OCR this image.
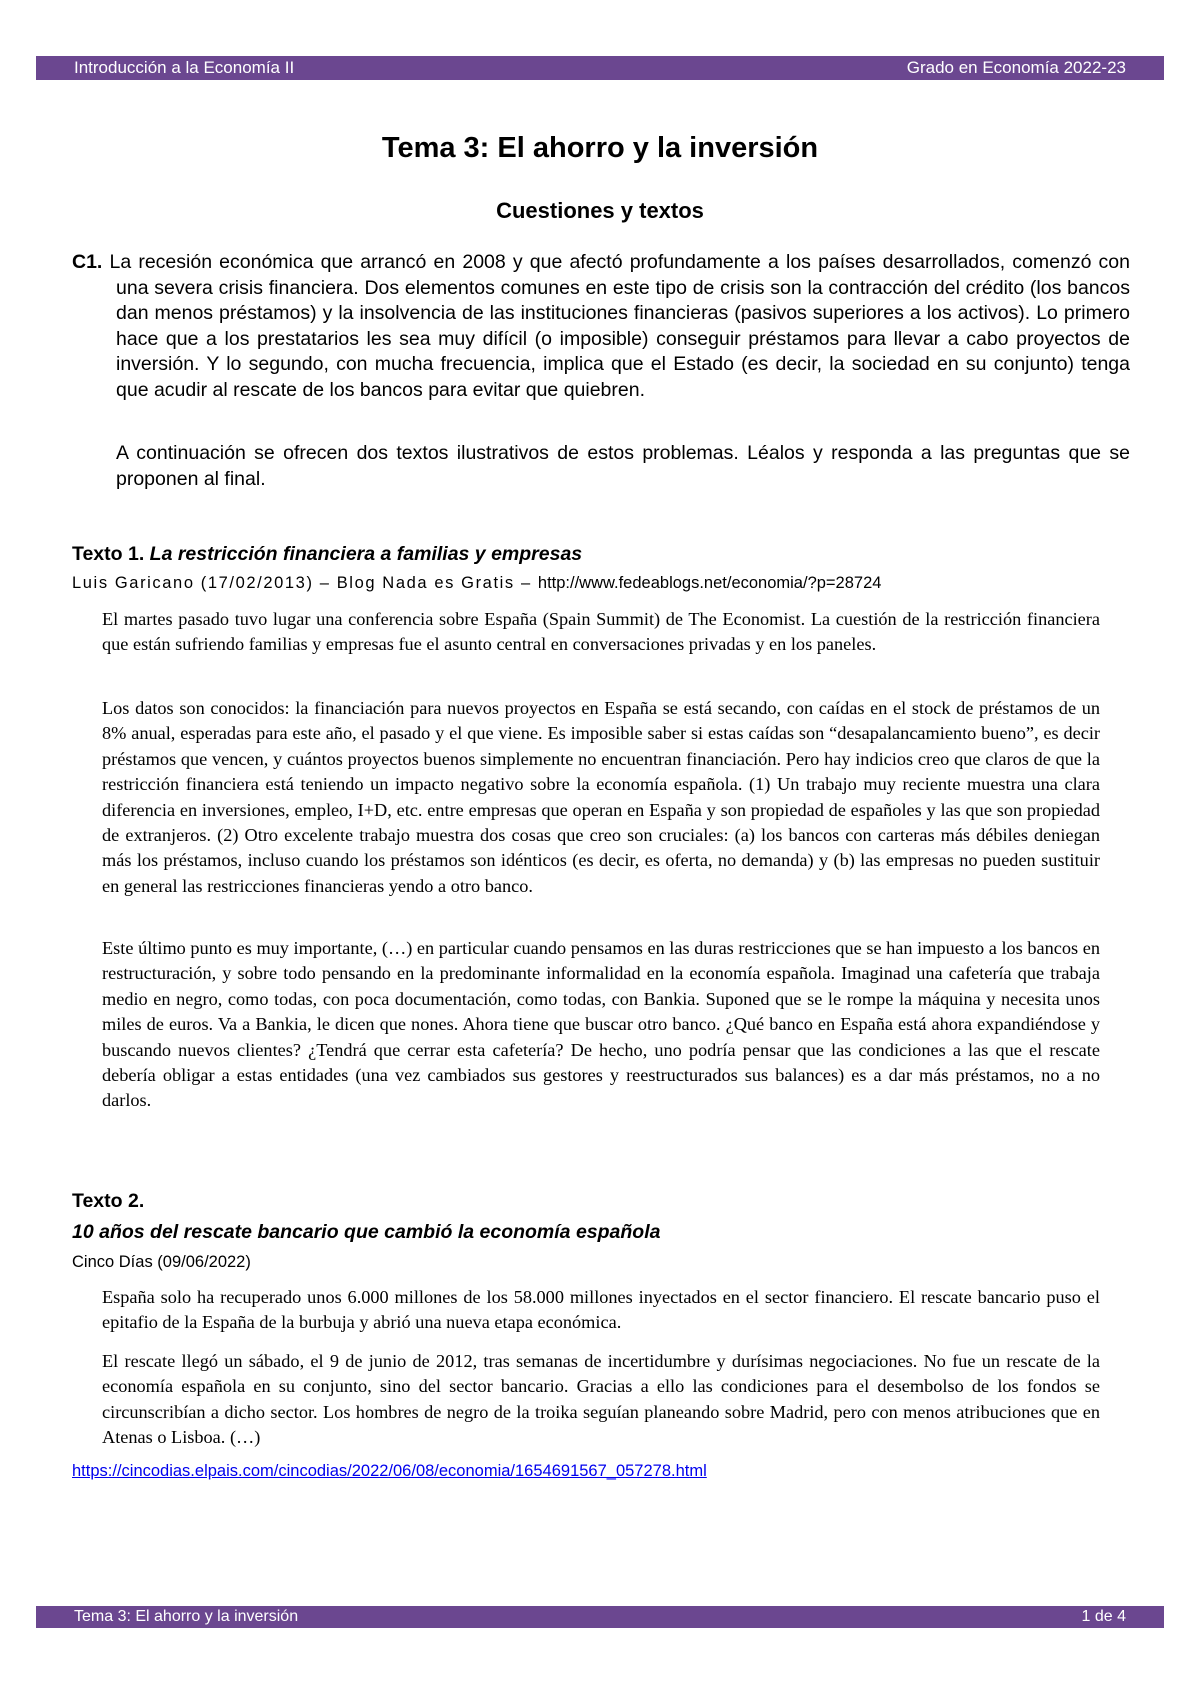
Introducción a la Economía II	Grado en Economía 2022-23
Tema 3: El ahorro y la inversión
Cuestiones y textos

C1. La recesión económica que arrancó en 2008 y que afectó profundamente a los países desarrollados, comenzó con una severa crisis financiera. Dos elementos comunes en este tipo de crisis son la contracción del crédito (los bancos dan menos préstamos) y la insolvencia de las instituciones financieras (pasivos superiores a los activos). Lo primero hace que a los prestatarios les sea muy difícil (o imposible) conseguir préstamos para llevar a cabo proyectos de inversión. Y lo segundo, con mucha frecuencia, implica que el Estado (es decir, la sociedad en su conjunto) tenga que acudir al rescate de los bancos para evitar que quiebren.

A continuación se ofrecen dos textos ilustrativos de estos problemas. Léalos y responda a las preguntas que se proponen al final.

Texto 1. La restricción financiera a familias y empresas
Luis Garicano (17/02/2013) – Blog Nada es Gratis – http://www.fedeablogs.net/economia/?p=28724

El martes pasado tuvo lugar una conferencia sobre España (Spain Summit) de The Economist. La cuestión de la restricción financiera que están sufriendo familias y empresas fue el asunto central en conversaciones privadas y en los paneles.

Los datos son conocidos: la financiación para nuevos proyectos en España se está secando, con caídas en el stock de préstamos de un 8% anual, esperadas para este año, el pasado y el que viene. Es imposible saber si estas caídas son “desapalancamiento bueno”, es decir préstamos que vencen, y cuántos proyectos buenos simplemente no encuentran financiación. Pero hay indicios creo que claros de que la restricción financiera está teniendo un impacto negativo sobre la economía española. (1) Un trabajo muy reciente muestra una clara diferencia en inversiones, empleo, I+D, etc. entre empresas que operan en España y son propiedad de españoles y las que son propiedad de extranjeros. (2) Otro excelente trabajo muestra dos cosas que creo son cruciales: (a) los bancos con carteras más débiles deniegan más los préstamos, incluso cuando los préstamos son idénticos (es decir, es oferta, no demanda) y (b) las empresas no pueden sustituir en general las restricciones financieras yendo a otro banco.

Este último punto es muy importante, (…) en particular cuando pensamos en las duras restricciones que se han impuesto a los bancos en restructuración, y sobre todo pensando en la predominante informalidad en la economía española. Imaginad una cafetería que trabaja medio en negro, como todas, con poca documentación, como todas, con Bankia. Suponed que se le rompe la máquina y necesita unos miles de euros. Va a Bankia, le dicen que nones. Ahora tiene que buscar otro banco. ¿Qué banco en España está ahora expandiéndose y buscando nuevos clientes? ¿Tendrá que cerrar esta cafetería? De hecho, uno podría pensar que las condiciones a las que el rescate debería obligar a estas entidades (una vez cambiados sus gestores y reestructurados sus balances) es a dar más préstamos, no a no darlos.

Texto 2.
10 años del rescate bancario que cambió la economía española
Cinco Días (09/06/2022)

España solo ha recuperado unos 6.000 millones de los 58.000 millones inyectados en el sector financiero. El rescate bancario puso el epitafio de la España de la burbuja y abrió una nueva etapa económica.

El rescate llegó un sábado, el 9 de junio de 2012, tras semanas de incertidumbre y durísimas negociaciones. No fue un rescate de la economía española en su conjunto, sino del sector bancario. Gracias a ello las condiciones para el desembolso de los fondos se circunscribían a dicho sector. Los hombres de negro de la troika seguían planeando sobre Madrid, pero con menos atribuciones que en Atenas o Lisboa. (…)

https://cincodias.elpais.com/cincodias/2022/06/08/economia/1654691567_057278.html
Tema 3: El ahorro y la inversión	1 de 4
